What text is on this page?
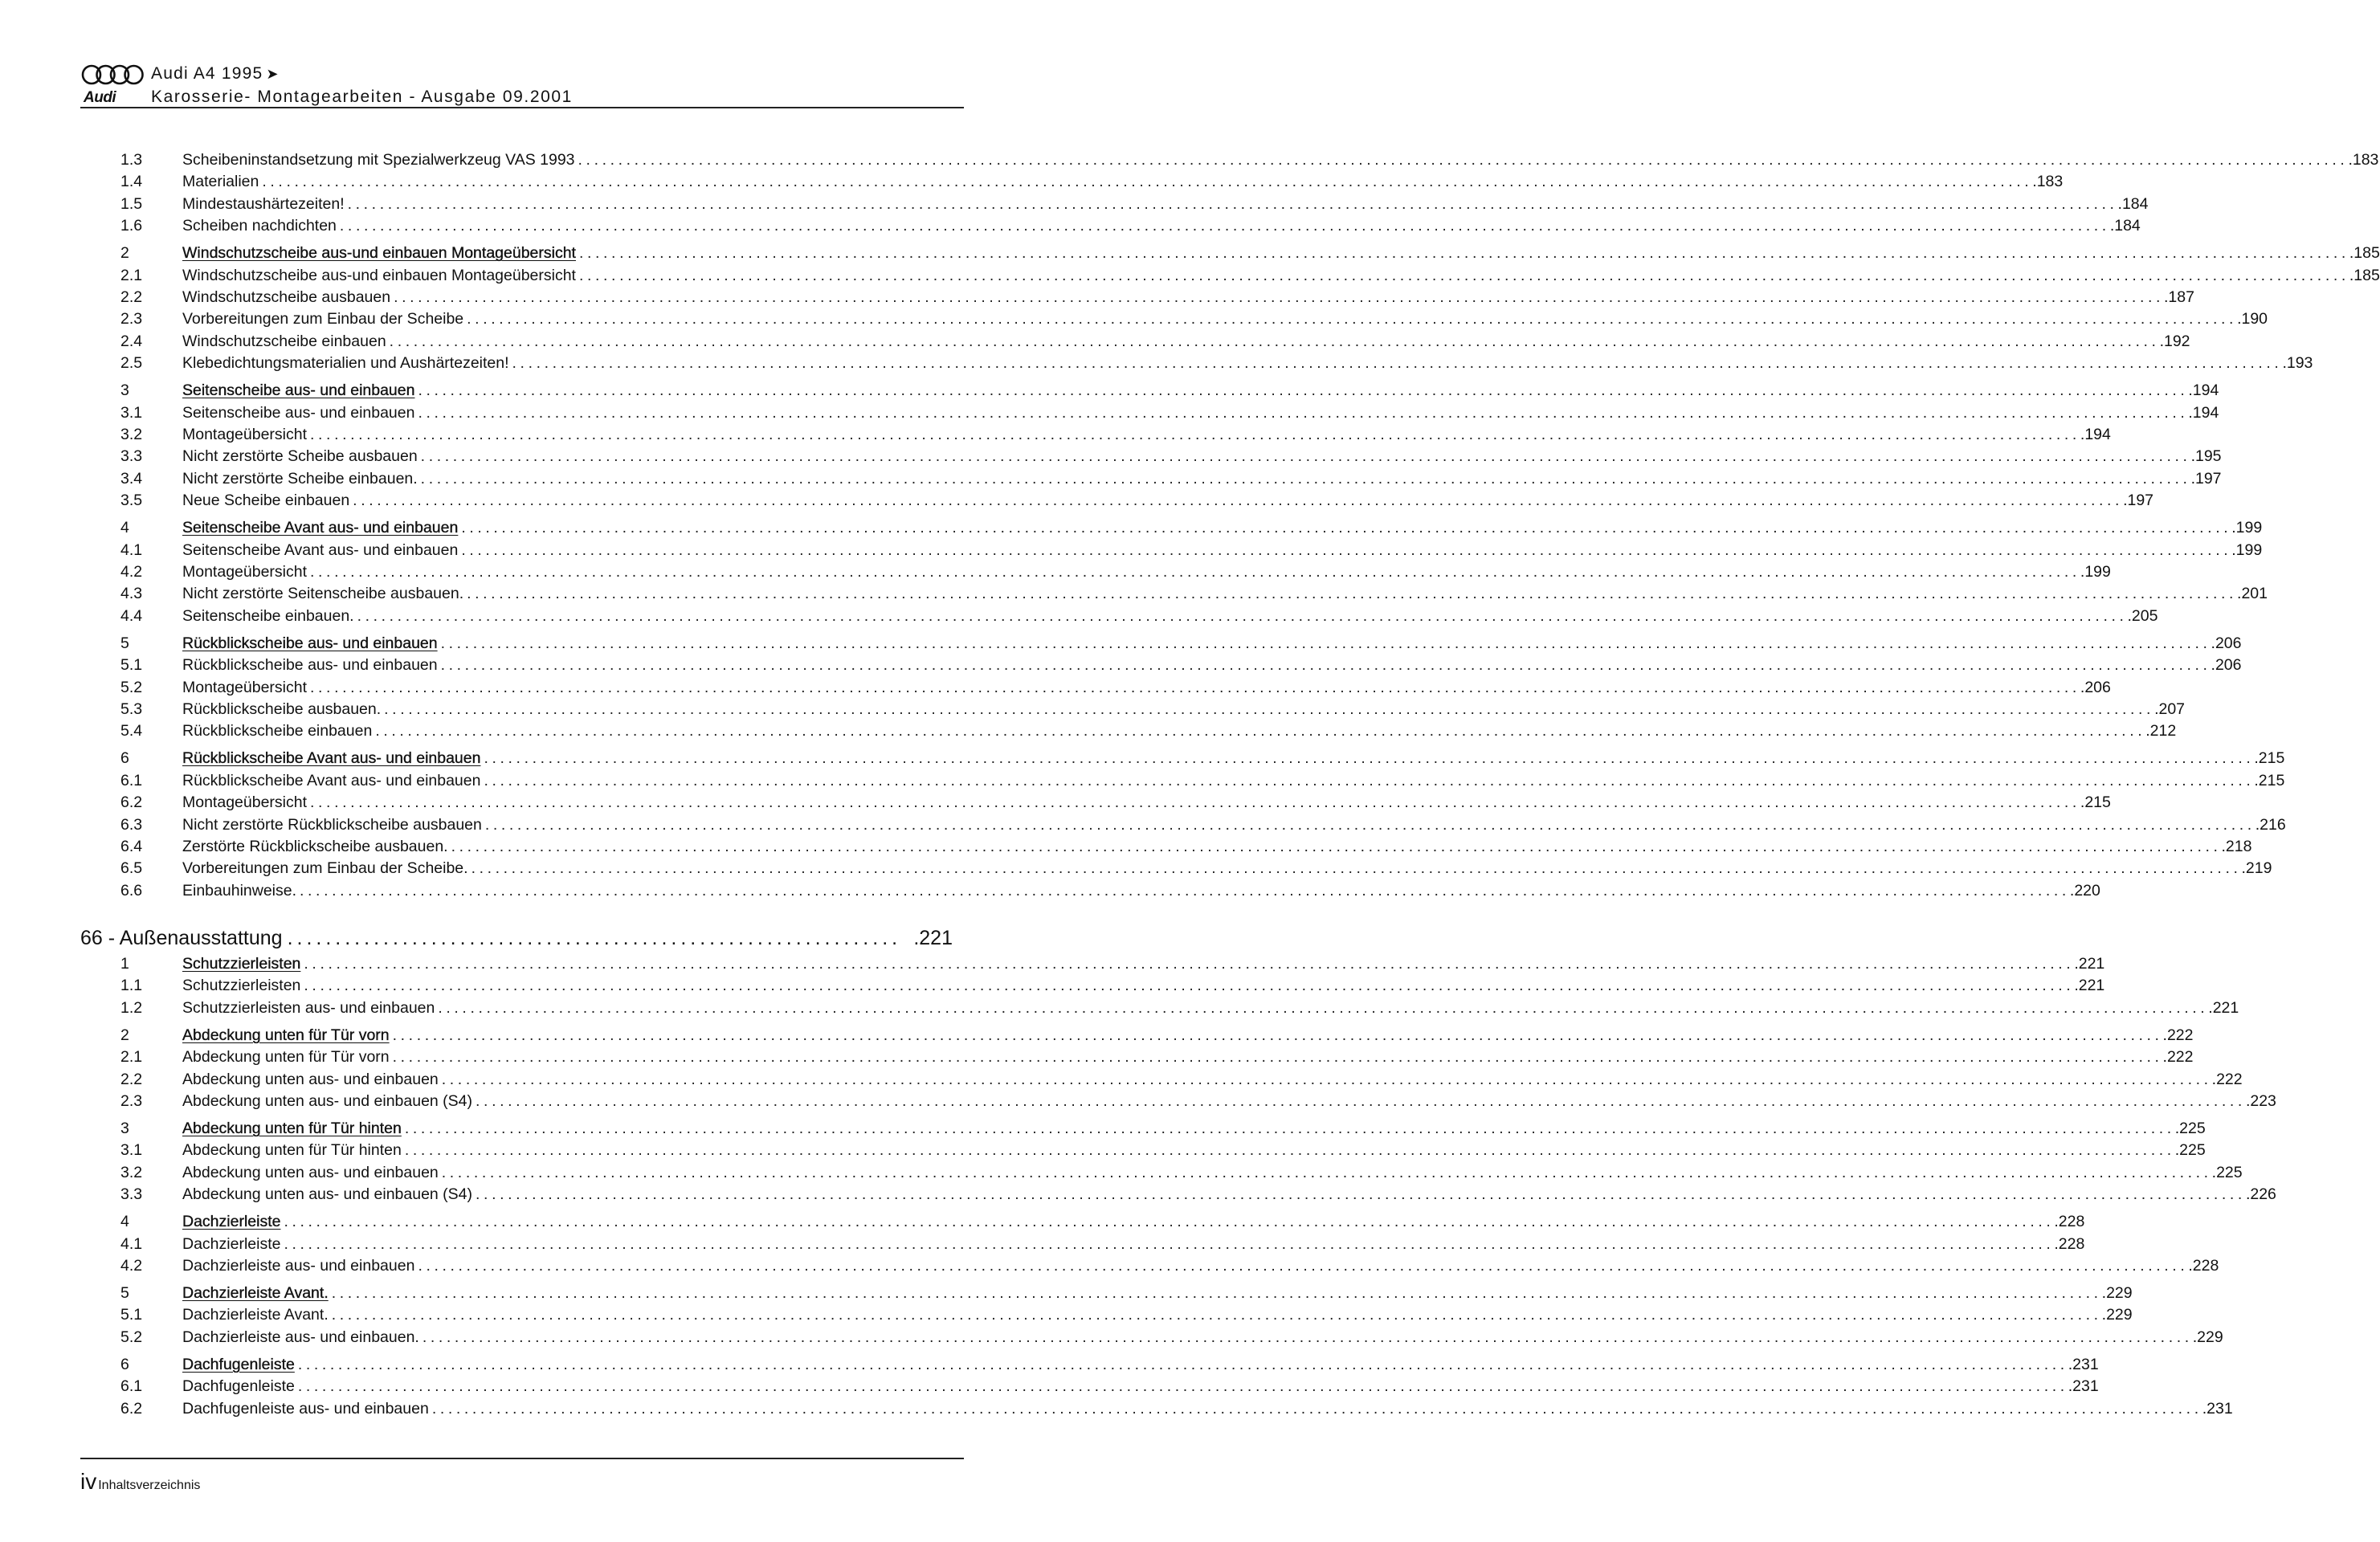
Audi
Audi A4 1995 ➤
Karosserie- Montagearbeiten - Ausgabe 09.2001
1.3	Scheibeninstandsetzung mit Spezialwerkzeug VAS 1993 ............................................................................................................................................................................................................................ .183
1.4	Materialien ............................................................................................................................................................................................................................ .183
1.5	Mindestaushärtezeiten! ............................................................................................................................................................................................................................ .184
1.6	Scheiben nachdichten ............................................................................................................................................................................................................................ .184
2	Windschutzscheibe aus-und einbauen Montageübersicht ............................................................................................................................................................................................................................ .185
2.1	Windschutzscheibe aus-und einbauen Montageübersicht ............................................................................................................................................................................................................................ .185
2.2	Windschutzscheibe ausbauen ............................................................................................................................................................................................................................ .187
2.3	Vorbereitungen zum Einbau der Scheibe ............................................................................................................................................................................................................................ .190
2.4	Windschutzscheibe einbauen ............................................................................................................................................................................................................................ .192
2.5	Klebedichtungsmaterialien und Aushärtezeiten! ............................................................................................................................................................................................................................ .193
3	Seitenscheibe aus- und einbauen ............................................................................................................................................................................................................................ .194
3.1	Seitenscheibe aus- und einbauen ............................................................................................................................................................................................................................ .194
3.2	Montageübersicht ............................................................................................................................................................................................................................ .194
3.3	Nicht zerstörte Scheibe ausbauen ............................................................................................................................................................................................................................ .195
3.4	Nicht zerstörte Scheibe einbauen. ............................................................................................................................................................................................................................ .197
3.5	Neue Scheibe einbauen ............................................................................................................................................................................................................................ .197
4	Seitenscheibe Avant aus- und einbauen ............................................................................................................................................................................................................................ .199
4.1	Seitenscheibe Avant aus- und einbauen ............................................................................................................................................................................................................................ .199
4.2	Montageübersicht ............................................................................................................................................................................................................................ .199
4.3	Nicht zerstörte Seitenscheibe ausbauen. ............................................................................................................................................................................................................................ .201
4.4	Seitenscheibe einbauen. ............................................................................................................................................................................................................................ .205
5	Rückblickscheibe aus- und einbauen ............................................................................................................................................................................................................................ .206
5.1	Rückblickscheibe aus- und einbauen ............................................................................................................................................................................................................................ .206
5.2	Montageübersicht ............................................................................................................................................................................................................................ .206
5.3	Rückblickscheibe ausbauen. ............................................................................................................................................................................................................................ .207
5.4	Rückblickscheibe einbauen ............................................................................................................................................................................................................................ .212
6	Rückblickscheibe Avant aus- und einbauen ............................................................................................................................................................................................................................ .215
6.1	Rückblickscheibe Avant aus- und einbauen ............................................................................................................................................................................................................................ .215
6.2	Montageübersicht ............................................................................................................................................................................................................................ .215
6.3	Nicht zerstörte Rückblickscheibe ausbauen ............................................................................................................................................................................................................................ .216
6.4	Zerstörte Rückblickscheibe ausbauen. ............................................................................................................................................................................................................................ .218
6.5	Vorbereitungen zum Einbau der Scheibe. ............................................................................................................................................................................................................................ .219
6.6	Einbauhinweise. ............................................................................................................................................................................................................................ .220
1	Schutzzierleisten ............................................................................................................................................................................................................................ .221
1.1	Schutzzierleisten ............................................................................................................................................................................................................................ .221
1.2	Schutzzierleisten aus- und einbauen ............................................................................................................................................................................................................................ .221
2	Abdeckung unten für Tür vorn ............................................................................................................................................................................................................................ .222
2.1	Abdeckung unten für Tür vorn ............................................................................................................................................................................................................................ .222
2.2	Abdeckung unten aus- und einbauen ............................................................................................................................................................................................................................ .222
2.3	Abdeckung unten aus- und einbauen (S4) ............................................................................................................................................................................................................................ .223
3	Abdeckung unten für Tür hinten ............................................................................................................................................................................................................................ .225
3.1	Abdeckung unten für Tür hinten ............................................................................................................................................................................................................................ .225
3.2	Abdeckung unten aus- und einbauen ............................................................................................................................................................................................................................ .225
3.3	Abdeckung unten aus- und einbauen (S4) ............................................................................................................................................................................................................................ .226
4	Dachzierleiste ............................................................................................................................................................................................................................ .228
4.1	Dachzierleiste ............................................................................................................................................................................................................................ .228
4.2	Dachzierleiste aus- und einbauen ............................................................................................................................................................................................................................ .228
5	Dachzierleiste Avant. ............................................................................................................................................................................................................................ .229
5.1	Dachzierleiste Avant. ............................................................................................................................................................................................................................ .229
5.2	Dachzierleiste aus- und einbauen. ............................................................................................................................................................................................................................ .229
6	Dachfugenleiste ............................................................................................................................................................................................................................ .231
6.1	Dachfugenleiste ............................................................................................................................................................................................................................ .231
6.2	Dachfugenleiste aus- und einbauen ............................................................................................................................................................................................................................ .231
66 - Außenausstattung ................................................................ .221
iv Inhaltsverzeichnis
